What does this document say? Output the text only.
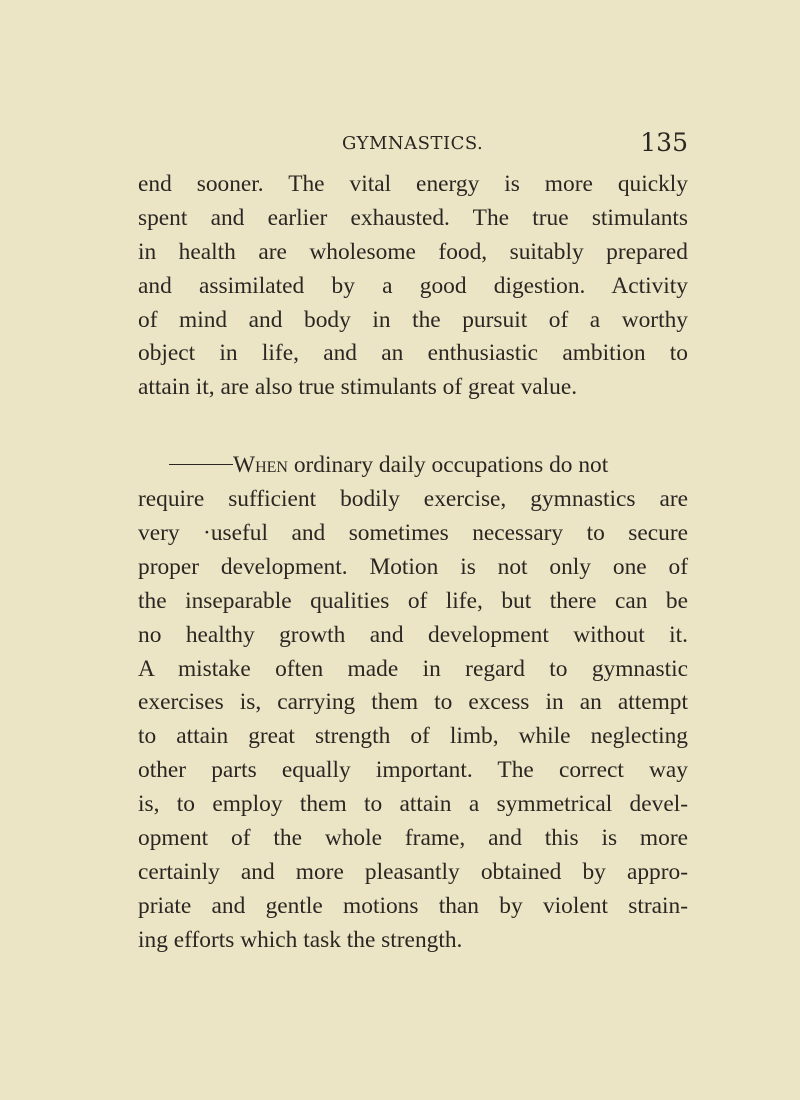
GYMNASTICS.	135
end sooner. The vital energy is more quickly
spent and earlier exhausted. The true stimulants
in health are wholesome food, suitably prepared
and assimilated by a good digestion. Activity
of mind and body in the pursuit of a worthy
object in life, and an enthusiastic ambition to
attain it, are also true stimulants of great value.
When ordinary daily occupations do not
require sufficient bodily exercise, gymnastics are
very ·useful and sometimes necessary to secure
proper development. Motion is not only one of
the inseparable qualities of life, but there can be
no healthy growth and development without it.
A mistake often made in regard to gymnastic
exercises is, carrying them to excess in an attempt
to attain great strength of limb, while neglecting
other parts equally important. The correct way
is, to employ them to attain a symmetrical devel-
opment of the whole frame, and this is more
certainly and more pleasantly obtained by appro-
priate and gentle motions than by violent strain-
ing efforts which task the strength.
